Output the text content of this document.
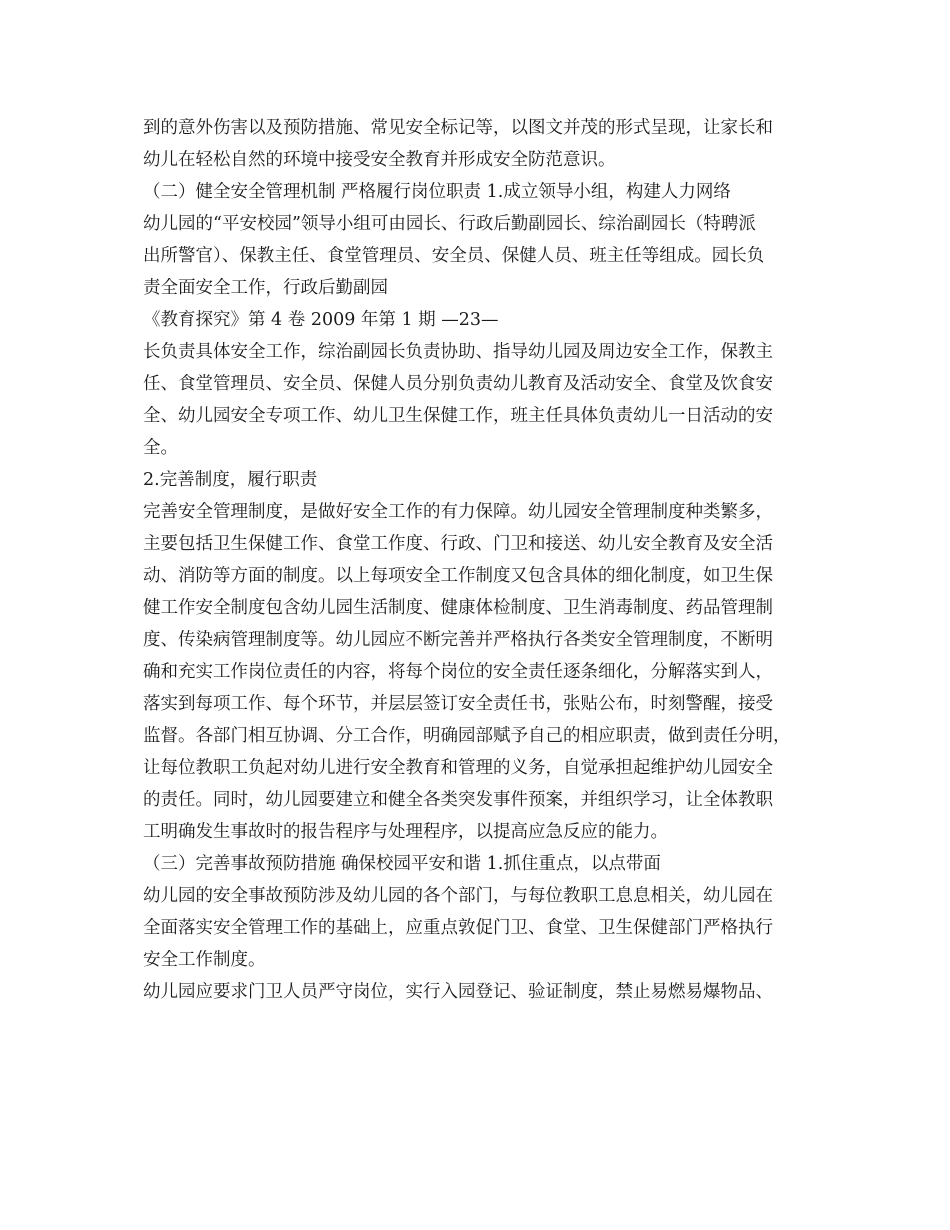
到的意外伤害以及预防措施、常见安全标记等，以图文并茂的形式呈现，让家长和
幼儿在轻松自然的环境中接受安全教育并形成安全防范意识。
（二）健全安全管理机制 严格履行岗位职责 1.成立领导小组，构建人力网络
幼儿园的“平安校园”领导小组可由园长、行政后勤副园长、综治副园长（特聘派
出所警官）、保教主任、食堂管理员、安全员、保健人员、班主任等组成。园长负
责全面安全工作，行政后勤副园
《教育探究》第 4 卷 2009 年第 1 期 —23—
长负责具体安全工作，综治副园长负责协助、指导幼儿园及周边安全工作，保教主
任、食堂管理员、安全员、保健人员分别负责幼儿教育及活动安全、食堂及饮食安
全、幼儿园安全专项工作、幼儿卫生保健工作，班主任具体负责幼儿一日活动的安
全。
2.完善制度，履行职责
完善安全管理制度，是做好安全工作的有力保障。幼儿园安全管理制度种类繁多，
主要包括卫生保健工作、食堂工作度、行政、门卫和接送、幼儿安全教育及安全活
动、消防等方面的制度。以上每项安全工作制度又包含具体的细化制度，如卫生保
健工作安全制度包含幼儿园生活制度、健康体检制度、卫生消毒制度、药品管理制
度、传染病管理制度等。幼儿园应不断完善并严格执行各类安全管理制度，不断明
确和充实工作岗位责任的内容，将每个岗位的安全责任逐条细化，分解落实到人，
落实到每项工作、每个环节，并层层签订安全责任书，张贴公布，时刻警醒，接受
监督。各部门相互协调、分工合作，明确园部赋予自己的相应职责，做到责任分明，
让每位教职工负起对幼儿进行安全教育和管理的义务，自觉承担起维护幼儿园安全
的责任。同时，幼儿园要建立和健全各类突发事件预案，并组织学习，让全体教职
工明确发生事故时的报告程序与处理程序，以提高应急反应的能力。
（三）完善事故预防措施 确保校园平安和谐 1.抓住重点，以点带面
幼儿园的安全事故预防涉及幼儿园的各个部门，与每位教职工息息相关，幼儿园在
全面落实安全管理工作的基础上，应重点敦促门卫、食堂、卫生保健部门严格执行
安全工作制度。
幼儿园应要求门卫人员严守岗位，实行入园登记、验证制度，禁止易燃易爆物品、
